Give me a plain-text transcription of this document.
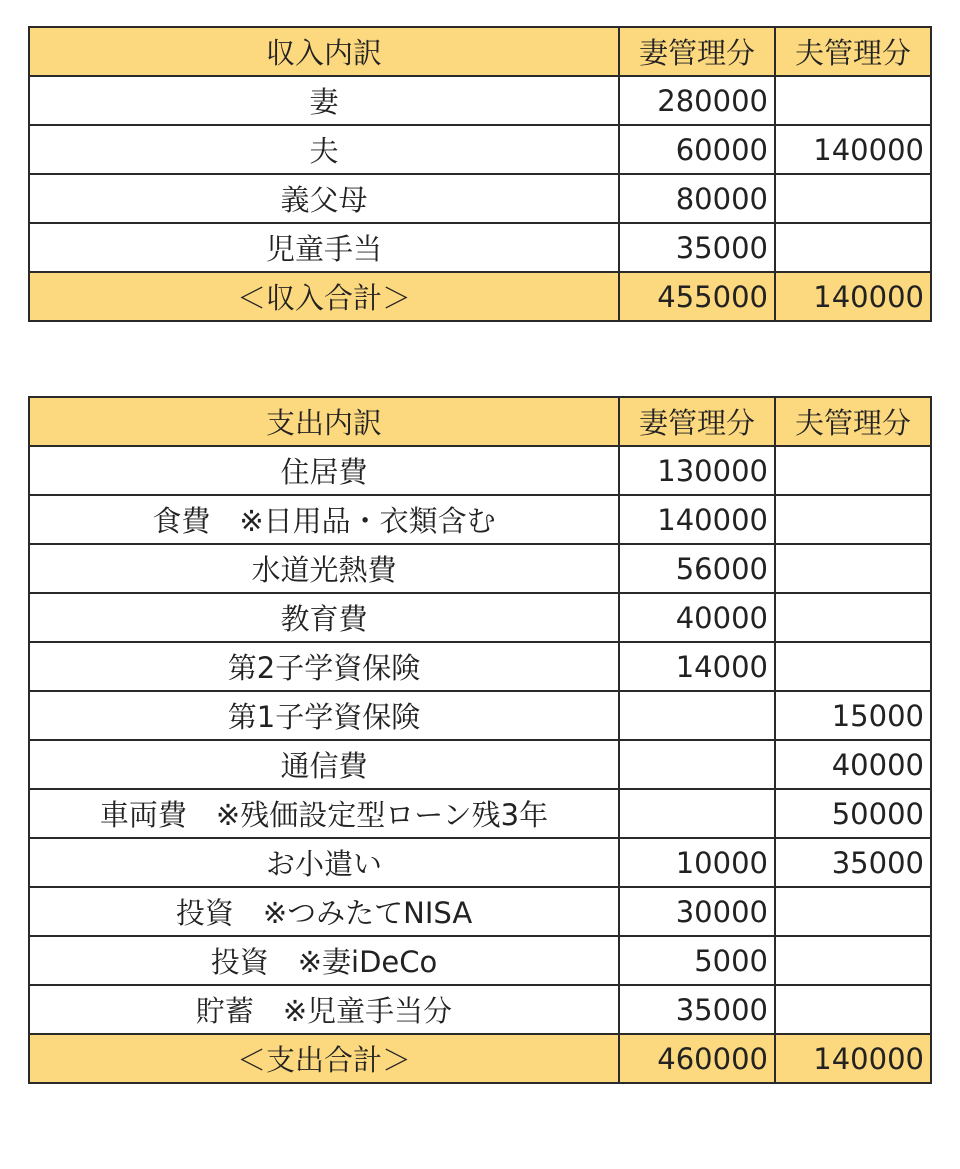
収入内訳	妻管理分	夫管理分
妻	280000	
夫	60000	140000
義父母	80000	
児童手当	35000	
＜収入合計＞	455000	140000
支出内訳	妻管理分	夫管理分
住居費	130000	
食費　※日用品・衣類含む	140000	
水道光熱費	56000	
教育費	40000	
第2子学資保険	14000	
第1子学資保険		15000
通信費		40000
車両費　※残価設定型ローン残3年		50000
お小遣い	10000	35000
投資　※つみたてNISA	30000	
投資　※妻iDeCo	5000	
貯蓄　※児童手当分	35000	
＜支出合計＞	460000	140000
